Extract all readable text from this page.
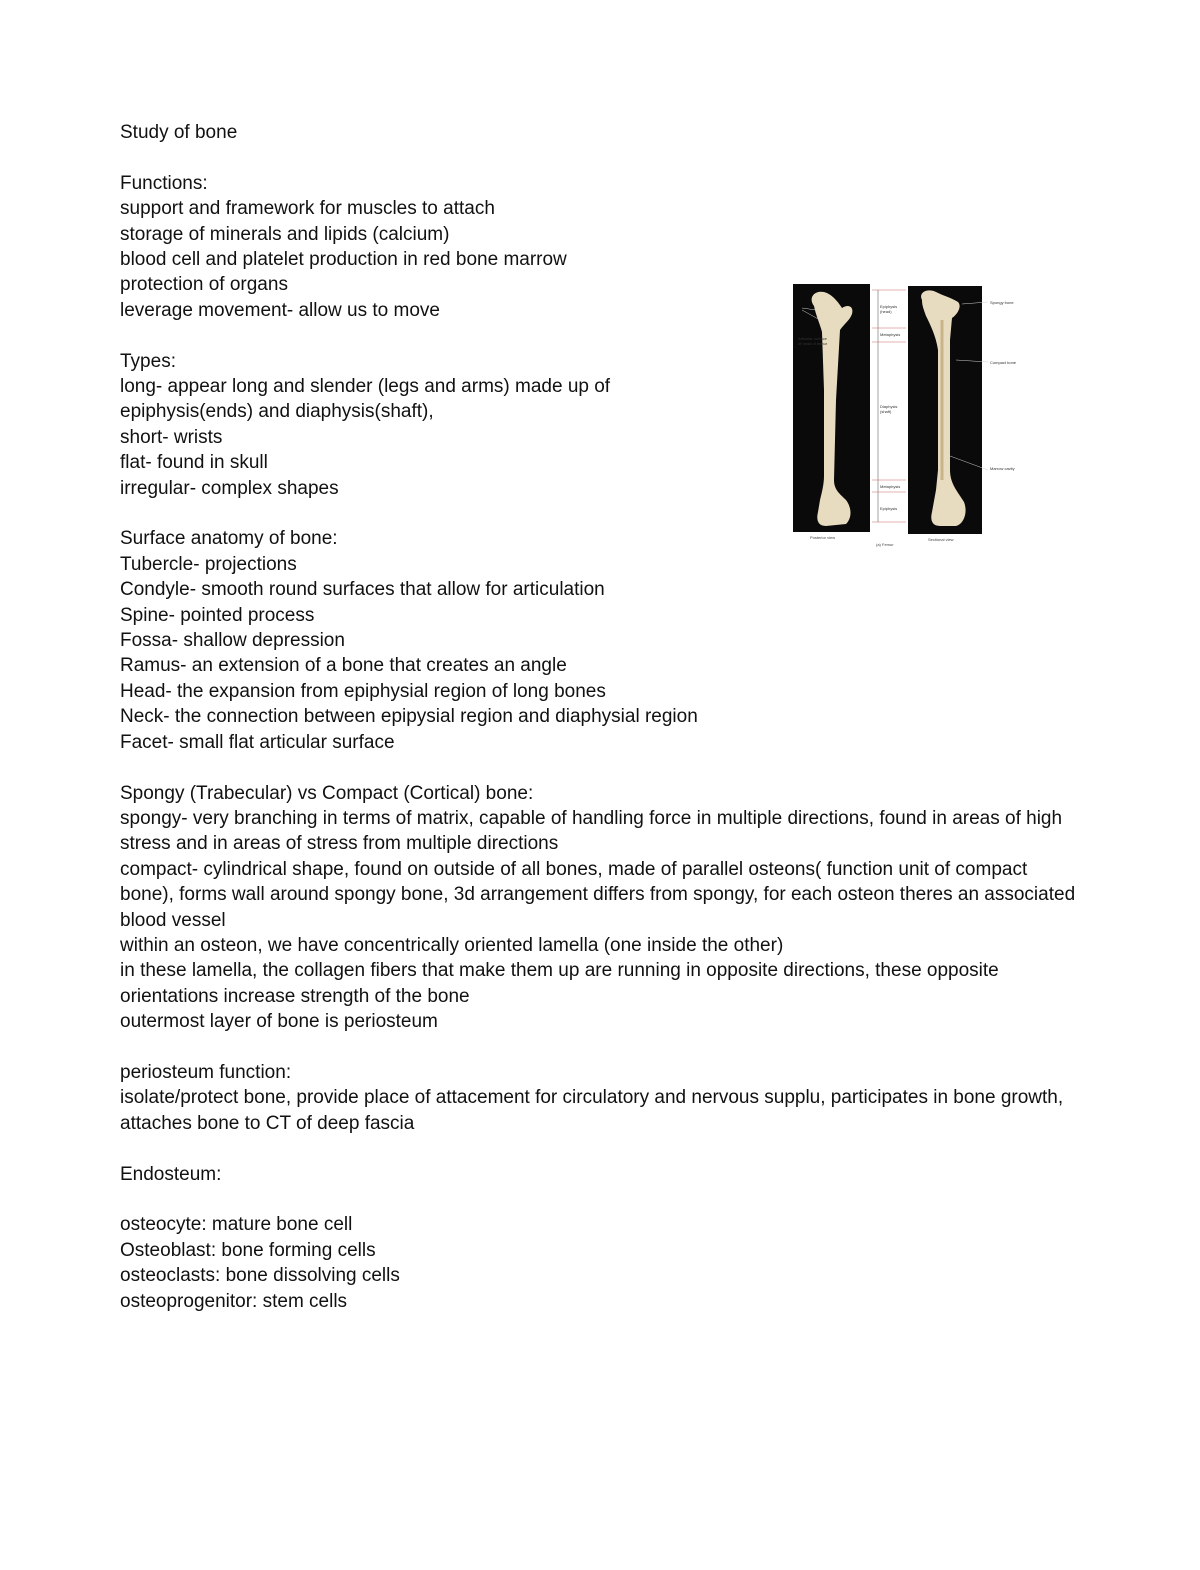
Study of bone
Functions:
support and framework for muscles to attach
storage of minerals and lipids (calcium)
blood cell and platelet production in red bone marrow
protection of organs
leverage movement- allow us to move
Types:
long- appear long and slender (legs and arms) made up of
epiphysis(ends) and diaphysis(shaft),
short- wrists
flat- found in skull
irregular- complex shapes
Surface anatomy of bone:
Tubercle- projections
Condyle- smooth round surfaces that allow for articulation
Spine- pointed process
Fossa- shallow depression
Ramus- an extension of a bone that creates an angle
Head- the expansion from epiphysial region of long bones
Neck- the connection between epipysial region and diaphysial region
Facet- small flat articular surface
Spongy (Trabecular) vs Compact (Cortical) bone:
spongy- very branching in terms of matrix, capable of handling force in multiple directions, found in areas of high stress and in areas of stress from multiple directions
compact- cylindrical shape, found on outside of all bones, made of parallel osteons( function unit of compact bone), forms wall around spongy bone, 3d arrangement differs from spongy, for each osteon theres an associated blood vessel
within an osteon, we have concentrically oriented lamella (one inside the other)
in these lamella, the collagen fibers that make them up are running in opposite directions, these opposite orientations increase strength of the bone
outermost layer of bone is periosteum
periosteum function:
isolate/protect bone, provide place of attacement for circulatory and nervous supplu, participates in bone growth, attaches bone to CT of deep fascia
Endosteum:
osteocyte: mature bone cell
Osteoblast: bone forming cells
osteoclasts: bone dissolving cells
osteoprogenitor: stem cells
Articular surface of head of femur
Epiphysis (head)
Metaphysis
Diaphysis (shaft)
Metaphysis
Epiphysis
Spongy bone
Compact bone
Marrow cavity
Posterior view
(a) Femur
Sectional view
